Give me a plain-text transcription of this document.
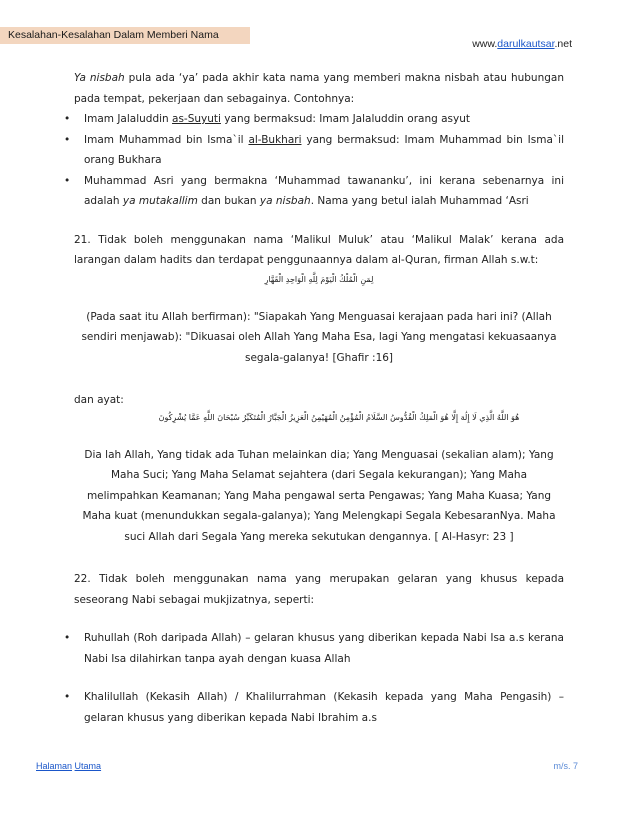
Kesalahan-Kesalahan Dalam Memberi Nama
www.darulkautsar.net

Ya nisbah pula ada ‘ya’ pada akhir kata nama yang memberi makna nisbah atau hubungan pada tempat, pekerjaan dan sebagainya. Contohnya:

• Imam Jalaluddin as-Suyuti yang bermaksud: Imam Jalaluddin orang asyut
• Imam Muhammad bin Isma`il al-Bukhari yang bermaksud: Imam Muhammad bin Isma`il orang Bukhara
• Muhammad Asri yang bermakna ‘Muhammad tawananku’, ini kerana sebenarnya ini adalah ya mutakallim dan bukan ya nisbah. Nama yang betul ialah Muhammad ‘Asri

21. Tidak boleh menggunakan nama ‘Malikul Muluk’ atau ‘Malikul Malak’ kerana ada larangan dalam hadits dan terdapat penggunaannya dalam al-Quran, firman Allah s.w.t:

لِمَنِ الْمُلْكُ الْيَوْمَ لِلَّهِ الْوَاحِدِ الْقَهَّارِ

(Pada saat itu Allah berfirman): "Siapakah Yang Menguasai kerajaan pada hari ini? (Allah sendiri menjawab): "Dikuasai oleh Allah Yang Maha Esa, lagi Yang mengatasi kekuasaanya segala-galanya! [Ghafir :16]

dan ayat:

هُوَ اللَّهُ الَّذِي لَا إِلَٰهَ إِلَّا هُوَ الْمَلِكُ الْقُدُّوسُ السَّلَامُ الْمُؤْمِنُ الْمُهَيْمِنُ الْعَزِيزُ الْجَبَّارُ الْمُتَكَبِّرُ سُبْحَانَ اللَّهِ عَمَّا يُشْرِكُونَ

Dia lah Allah, Yang tidak ada Tuhan melainkan dia; Yang Menguasai (sekalian alam); Yang Maha Suci; Yang Maha Selamat sejahtera (dari Segala kekurangan); Yang Maha melimpahkan Keamanan; Yang Maha pengawal serta Pengawas; Yang Maha Kuasa; Yang Maha kuat (menundukkan segala-galanya); Yang Melengkapi Segala KebesaranNya. Maha suci Allah dari Segala Yang mereka sekutukan dengannya. [ Al-Hasyr: 23 ]

22. Tidak boleh menggunakan nama yang merupakan gelaran yang khusus kepada seseorang Nabi sebagai mukjizatnya, seperti:

• Ruhullah (Roh daripada Allah) – gelaran khusus yang diberikan kepada Nabi Isa a.s kerana Nabi Isa dilahirkan tanpa ayah dengan kuasa Allah
• Khalilullah (Kekasih Allah) / Khalilurrahman (Kekasih kepada yang Maha Pengasih) – gelaran khusus yang diberikan kepada Nabi Ibrahim a.s
Halaman Utama	m/s. 7
